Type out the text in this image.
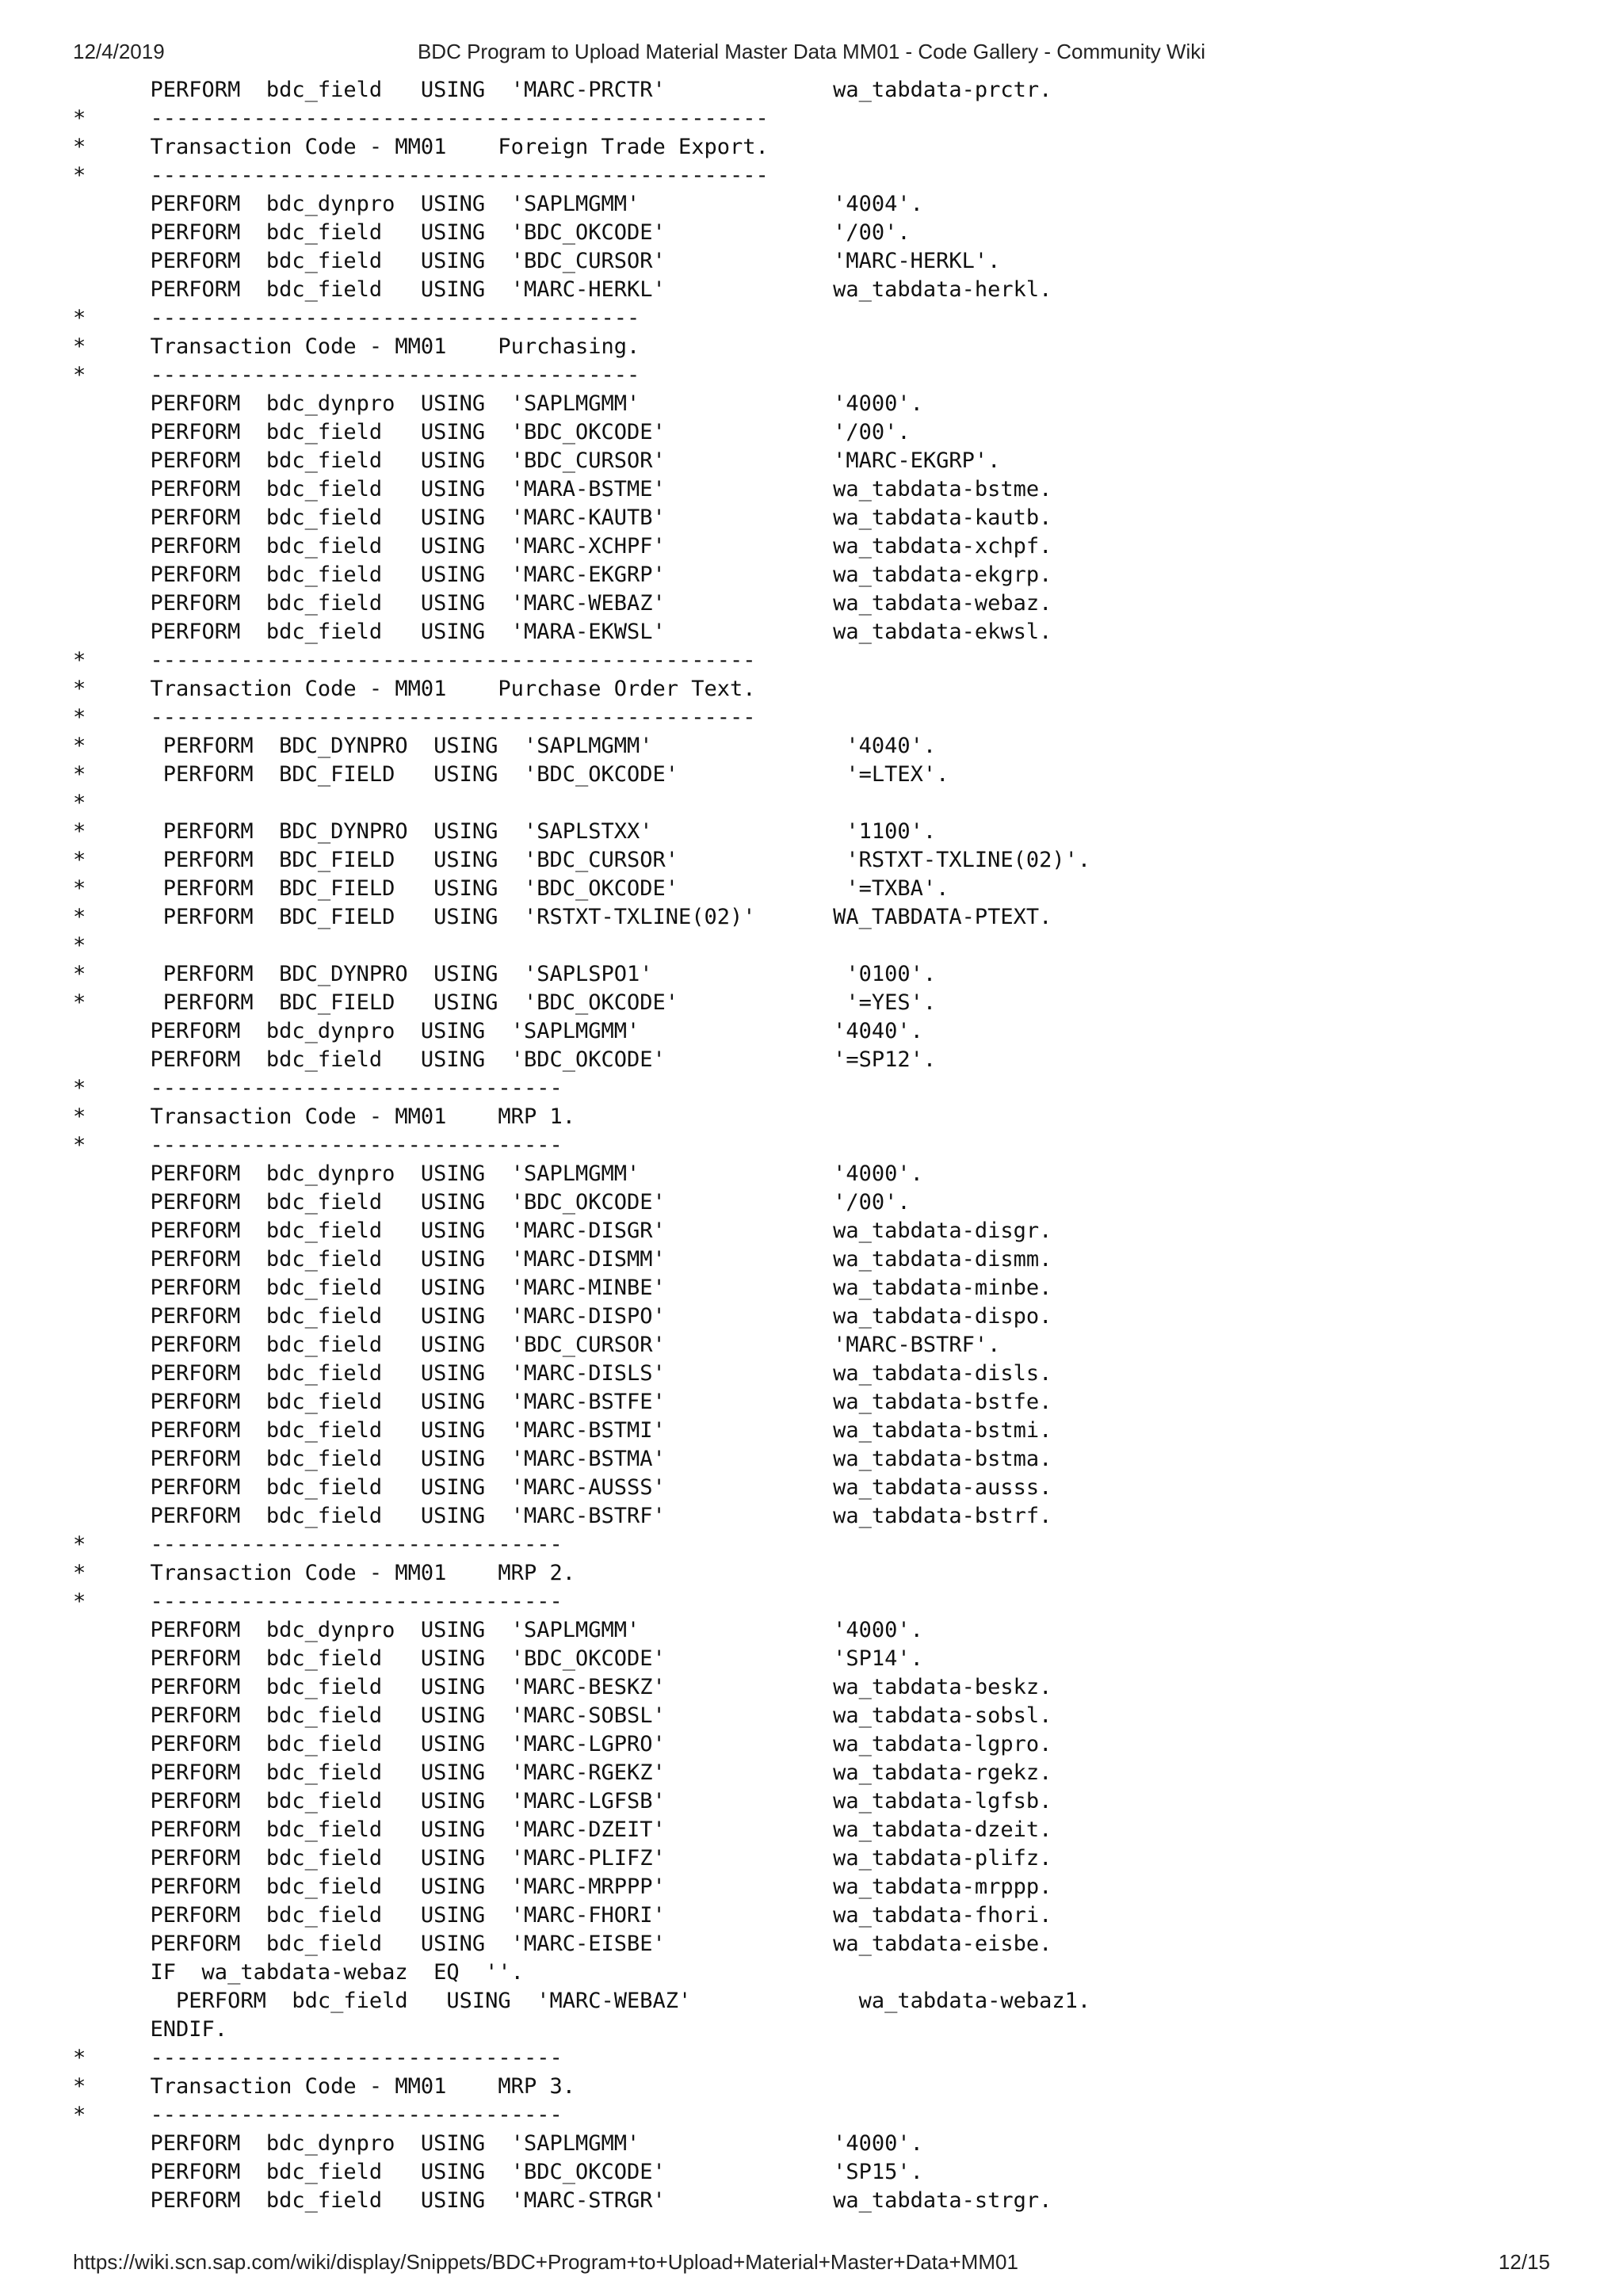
12/4/2019	BDC Program to Upload Material Master Data MM01 - Code Gallery - Community Wiki
PERFORM  bdc_field   USING  'MARC-PRCTR'             wa_tabdata-prctr.
*     ------------------------------------------------
*     Transaction Code - MM01    Foreign Trade Export.
*     ------------------------------------------------
PERFORM  bdc_dynpro  USING  'SAPLMGMM'               '4004'.
PERFORM  bdc_field   USING  'BDC_OKCODE'             '/00'.
PERFORM  bdc_field   USING  'BDC_CURSOR'             'MARC-HERKL'.
PERFORM  bdc_field   USING  'MARC-HERKL'             wa_tabdata-herkl.
*     --------------------------------------
*     Transaction Code - MM01    Purchasing.
*     --------------------------------------
PERFORM  bdc_dynpro  USING  'SAPLMGMM'               '4000'.
PERFORM  bdc_field   USING  'BDC_OKCODE'             '/00'.
PERFORM  bdc_field   USING  'BDC_CURSOR'             'MARC-EKGRP'.
PERFORM  bdc_field   USING  'MARA-BSTME'             wa_tabdata-bstme.
PERFORM  bdc_field   USING  'MARC-KAUTB'             wa_tabdata-kautb.
PERFORM  bdc_field   USING  'MARC-XCHPF'             wa_tabdata-xchpf.
PERFORM  bdc_field   USING  'MARC-EKGRP'             wa_tabdata-ekgrp.
PERFORM  bdc_field   USING  'MARC-WEBAZ'             wa_tabdata-webaz.
PERFORM  bdc_field   USING  'MARA-EKWSL'             wa_tabdata-ekwsl.
*     -----------------------------------------------
*     Transaction Code - MM01    Purchase Order Text.
*     -----------------------------------------------
*      PERFORM  BDC_DYNPRO  USING  'SAPLMGMM'               '4040'.
*      PERFORM  BDC_FIELD   USING  'BDC_OKCODE'             '=LTEX'.
*
*      PERFORM  BDC_DYNPRO  USING  'SAPLSTXX'               '1100'.
*      PERFORM  BDC_FIELD   USING  'BDC_CURSOR'             'RSTXT-TXLINE(02)'.
*      PERFORM  BDC_FIELD   USING  'BDC_OKCODE'             '=TXBA'.
*      PERFORM  BDC_FIELD   USING  'RSTXT-TXLINE(02)'      WA_TABDATA-PTEXT.
*
*      PERFORM  BDC_DYNPRO  USING  'SAPLSPO1'               '0100'.
*      PERFORM  BDC_FIELD   USING  'BDC_OKCODE'             '=YES'.
PERFORM  bdc_dynpro  USING  'SAPLMGMM'               '4040'.
PERFORM  bdc_field   USING  'BDC_OKCODE'             '=SP12'.
*     --------------------------------
*     Transaction Code - MM01    MRP 1.
*     --------------------------------
PERFORM  bdc_dynpro  USING  'SAPLMGMM'               '4000'.
PERFORM  bdc_field   USING  'BDC_OKCODE'             '/00'.
PERFORM  bdc_field   USING  'MARC-DISGR'             wa_tabdata-disgr.
PERFORM  bdc_field   USING  'MARC-DISMM'             wa_tabdata-dismm.
PERFORM  bdc_field   USING  'MARC-MINBE'             wa_tabdata-minbe.
PERFORM  bdc_field   USING  'MARC-DISPO'             wa_tabdata-dispo.
PERFORM  bdc_field   USING  'BDC_CURSOR'             'MARC-BSTRF'.
PERFORM  bdc_field   USING  'MARC-DISLS'             wa_tabdata-disls.
PERFORM  bdc_field   USING  'MARC-BSTFE'             wa_tabdata-bstfe.
PERFORM  bdc_field   USING  'MARC-BSTMI'             wa_tabdata-bstmi.
PERFORM  bdc_field   USING  'MARC-BSTMA'             wa_tabdata-bstma.
PERFORM  bdc_field   USING  'MARC-AUSSS'             wa_tabdata-ausss.
PERFORM  bdc_field   USING  'MARC-BSTRF'             wa_tabdata-bstrf.
*     --------------------------------
*     Transaction Code - MM01    MRP 2.
*     --------------------------------
PERFORM  bdc_dynpro  USING  'SAPLMGMM'               '4000'.
PERFORM  bdc_field   USING  'BDC_OKCODE'             'SP14'.
PERFORM  bdc_field   USING  'MARC-BESKZ'             wa_tabdata-beskz.
PERFORM  bdc_field   USING  'MARC-SOBSL'             wa_tabdata-sobsl.
PERFORM  bdc_field   USING  'MARC-LGPRO'             wa_tabdata-lgpro.
PERFORM  bdc_field   USING  'MARC-RGEKZ'             wa_tabdata-rgekz.
PERFORM  bdc_field   USING  'MARC-LGFSB'             wa_tabdata-lgfsb.
PERFORM  bdc_field   USING  'MARC-DZEIT'             wa_tabdata-dzeit.
PERFORM  bdc_field   USING  'MARC-PLIFZ'             wa_tabdata-plifz.
PERFORM  bdc_field   USING  'MARC-MRPPP'             wa_tabdata-mrppp.
PERFORM  bdc_field   USING  'MARC-FHORI'             wa_tabdata-fhori.
PERFORM  bdc_field   USING  'MARC-EISBE'             wa_tabdata-eisbe.
IF  wa_tabdata-webaz  EQ  ''.
PERFORM  bdc_field   USING  'MARC-WEBAZ'             wa_tabdata-webaz1.
ENDIF.
*     --------------------------------
*     Transaction Code - MM01    MRP 3.
*     --------------------------------
PERFORM  bdc_dynpro  USING  'SAPLMGMM'               '4000'.
PERFORM  bdc_field   USING  'BDC_OKCODE'             'SP15'.
PERFORM  bdc_field   USING  'MARC-STRGR'             wa_tabdata-strgr.
https://wiki.scn.sap.com/wiki/display/Snippets/BDC+Program+to+Upload+Material+Master+Data+MM01	12/15
